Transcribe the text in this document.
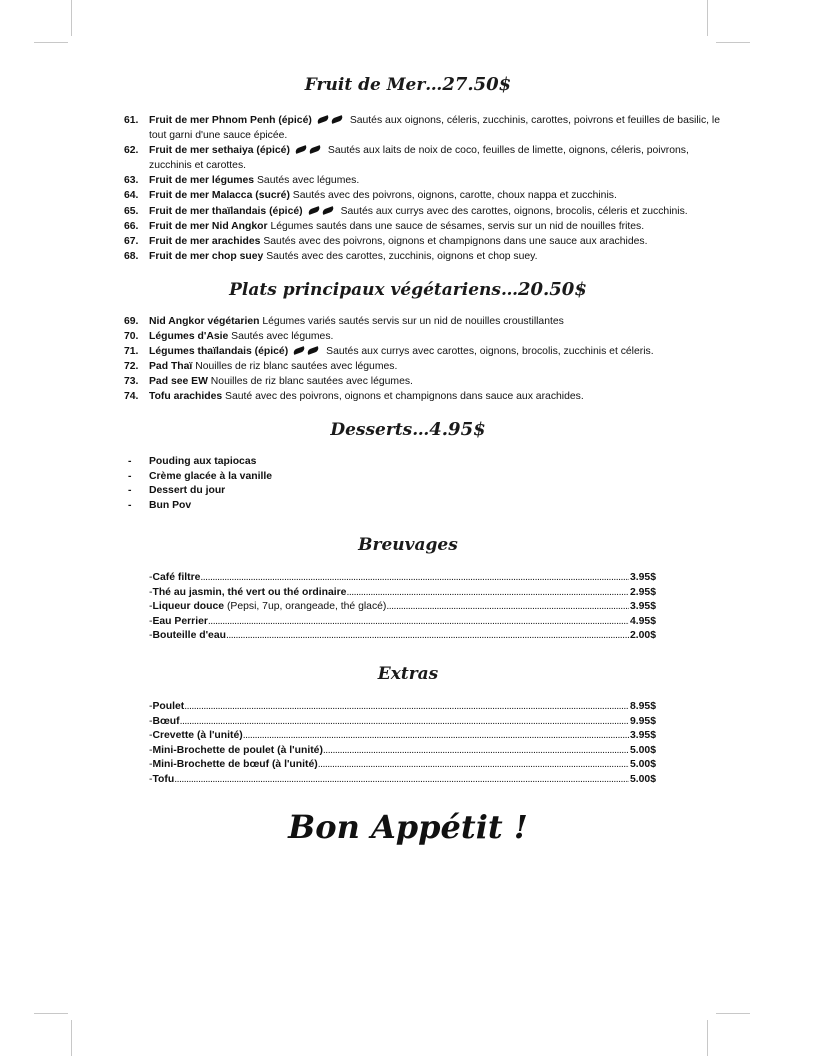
Fruit de Mer…27.50$
61. Fruit de mer Phnom Penh (épicé)	Sautés aux oignons, céleris, zucchinis, carottes, poivrons et feuilles de basilic, le tout garni d'une sauce épicée.
62. Fruit de mer sethaiya (épicé)	Sautés aux laits de noix de coco, feuilles de limette, oignons, céleris, poivrons, zucchinis et carottes.
63. Fruit de mer légumes Sautés avec légumes.
64. Fruit de mer Malacca (sucré) Sautés avec des poivrons, oignons, carotte, choux nappa et zucchinis.
65. Fruit de mer thaïlandais (épicé)	Sautés aux currys avec des carottes, oignons, brocolis, céleris et zucchinis.
66. Fruit de mer Nid Angkor Légumes sautés dans une sauce de sésames, servis sur un nid de nouilles frites.
67. Fruit de mer arachides Sautés avec des poivrons, oignons et champignons dans une sauce aux arachides.
68. Fruit de mer chop suey Sautés avec des carottes, zucchinis, oignons et chop suey.
Plats principaux végétariens…20.50$
69. Nid Angkor végétarien Légumes variés sautés servis sur un nid de nouilles croustillantes
70. Légumes d'Asie Sautés avec légumes.
71. Légumes thaïlandais (épicé)	Sautés aux currys avec carottes, oignons, brocolis, zucchinis et céleris.
72. Pad Thaï Nouilles de riz blanc sautées avec légumes.
73. Pad see EW Nouilles de riz blanc sautées avec légumes.
74. Tofu arachides Sauté avec des poivrons, oignons et champignons dans sauce aux arachides.
Desserts…4.95$
- Pouding aux tapiocas
- Crème glacée à la vanille
- Dessert du jour
- Bun Pov
Breuvages
- Café filtre .....	3.95$
- Thé au jasmin, thé vert ou thé ordinaire .....	2.95$
- Liqueur douce (Pepsi, 7up, orangeade, thé glacé) .....	3.95$
- Eau Perrier .....	4.95$
- Bouteille d'eau .....	2.00$
Extras
- Poulet .....	8.95$
- Bœuf .....	9.95$
- Crevette (à l'unité) .....	3.95$
- Mini-Brochette de poulet (à l'unité) .....	5.00$
- Mini-Brochette de bœuf (à l'unité) .....	5.00$
- Tofu .....	5.00$
Bon Appétit !
